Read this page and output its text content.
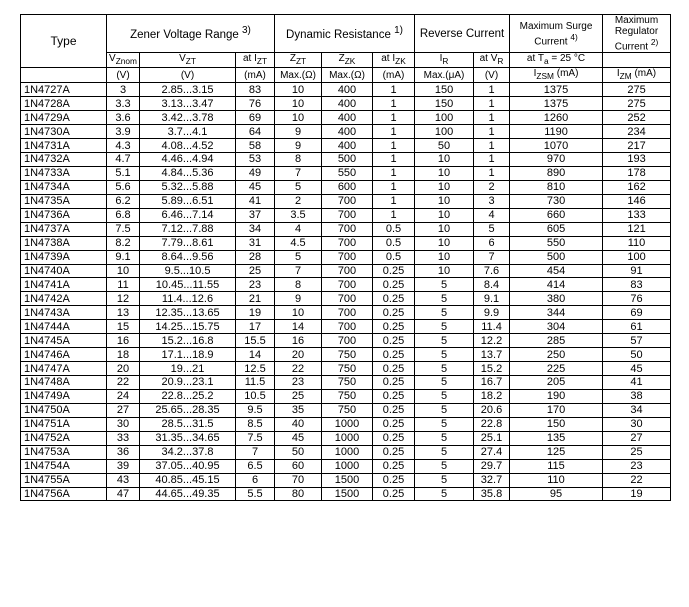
Type	Zener Voltage Range $^{3)}$			Dynamic Resistance $^{1)}$			Reverse Current		Maximum Surge Current $^{4)}$	Maximum Regulator Current $^{2)}$
	$V_{Znom}$	$V_{ZT}$	at $I_{ZT}$	$Z_{ZT}$	$Z_{ZK}$	at $I_{ZK}$	$I_R$	at $V_R$	at $T_a = 25$ °C	
	(V)	(V)	(mA)	Max.(Ω)	Max.(Ω)	(mA)	Max.(μA)	(V)	$I_{ZSM}$ (mA)	$I_{ZM}$ (mA)
1N4727A	3	2.85...3.15	83	10	400	1	150	1	1375	275
1N4728A	3.3	3.13...3.47	76	10	400	1	150	1	1375	275
1N4729A	3.6	3.42...3.78	69	10	400	1	100	1	1260	252
1N4730A	3.9	3.7...4.1	64	9	400	1	100	1	1190	234
1N4731A	4.3	4.08...4.52	58	9	400	1	50	1	1070	217
1N4732A	4.7	4.46...4.94	53	8	500	1	10	1	970	193
1N4733A	5.1	4.84...5.36	49	7	550	1	10	1	890	178
1N4734A	5.6	5.32...5.88	45	5	600	1	10	2	810	162
1N4735A	6.2	5.89...6.51	41	2	700	1	10	3	730	146
1N4736A	6.8	6.46...7.14	37	3.5	700	1	10	4	660	133
1N4737A	7.5	7.12...7.88	34	4	700	0.5	10	5	605	121
1N4738A	8.2	7.79...8.61	31	4.5	700	0.5	10	6	550	110
1N4739A	9.1	8.64...9.56	28	5	700	0.5	10	7	500	100
1N4740A	10	9.5...10.5	25	7	700	0.25	10	7.6	454	91
1N4741A	11	10.45...11.55	23	8	700	0.25	5	8.4	414	83
1N4742A	12	11.4...12.6	21	9	700	0.25	5	9.1	380	76
1N4743A	13	12.35...13.65	19	10	700	0.25	5	9.9	344	69
1N4744A	15	14.25...15.75	17	14	700	0.25	5	11.4	304	61
1N4745A	16	15.2...16.8	15.5	16	700	0.25	5	12.2	285	57
1N4746A	18	17.1...18.9	14	20	750	0.25	5	13.7	250	50
1N4747A	20	19...21	12.5	22	750	0.25	5	15.2	225	45
1N4748A	22	20.9...23.1	11.5	23	750	0.25	5	16.7	205	41
1N4749A	24	22.8...25.2	10.5	25	750	0.25	5	18.2	190	38
1N4750A	27	25.65...28.35	9.5	35	750	0.25	5	20.6	170	34
1N4751A	30	28.5...31.5	8.5	40	1000	0.25	5	22.8	150	30
1N4752A	33	31.35...34.65	7.5	45	1000	0.25	5	25.1	135	27
1N4753A	36	34.2...37.8	7	50	1000	0.25	5	27.4	125	25
1N4754A	39	37.05...40.95	6.5	60	1000	0.25	5	29.7	115	23
1N4755A	43	40.85...45.15	6	70	1500	0.25	5	32.7	110	22
1N4756A	47	44.65...49.35	5.5	80	1500	0.25	5	35.8	95	19
